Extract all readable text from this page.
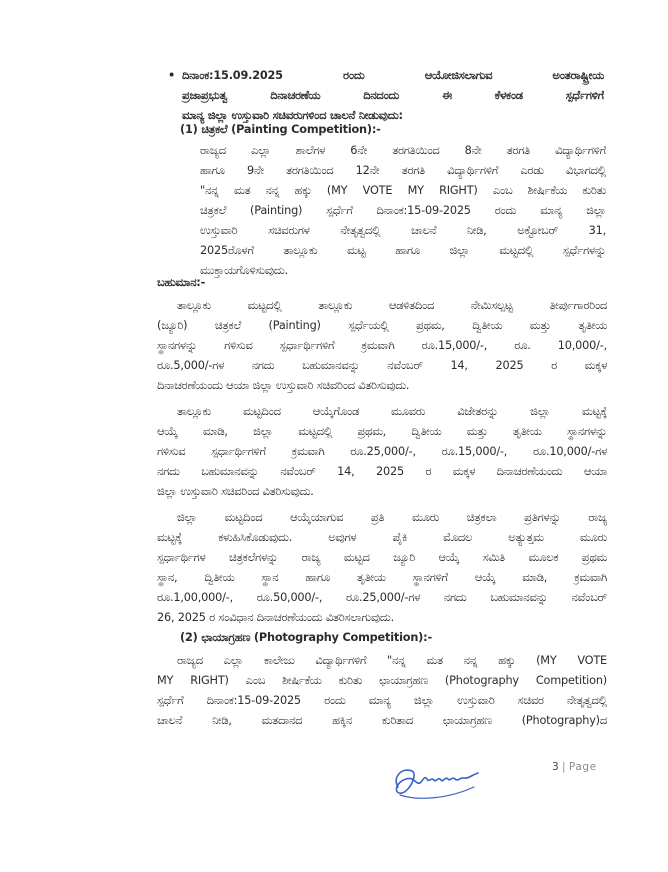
• ದಿನಾಂಕ:15.09.2025 ರಂದು ಆಯೋಜಿಸಲಾಗುವ ಅಂತರಾಷ್ಟ್ರೀಯ
ಪ್ರಜಾಪ್ರಭುತ್ವ ದಿನಾಚರಣೆಯ ದಿನದಂದು ಈ ಕೆಳಕಂಡ ಸ್ಪರ್ಧೆಗಳಿಗೆ
ಮಾನ್ಯ ಜಿಲ್ಲಾ ಉಸ್ತುವಾರಿ ಸಚಿವರುಗಳಿಂದ ಚಾಲನೆ ನೀಡುವುದು:
(1) ಚಿತ್ರಕಲೆ (Painting Competition):-
ರಾಜ್ಯದ ಎಲ್ಲಾ ಶಾಲೆಗಳ 6ನೇ ತರಗತಿಯಿಂದ 8ನೇ ತರಗತಿ ವಿದ್ಯಾರ್ಥಿಗಳಿಗೆ
ಹಾಗೂ 9ನೇ ತರಗತಿಯಿಂದ 12ನೇ ತರಗತಿ ವಿದ್ಯಾರ್ಥಿಗಳಿಗೆ ಎರಡು ವಿಭಾಗದಲ್ಲಿ
"ನನ್ನ ಮತ ನನ್ನ ಹಕ್ಕು (MY VOTE MY RIGHT) ಎಂಬ ಶೀರ್ಷಿಕೆಯ ಕುರಿತು
ಚಿತ್ರಕಲೆ (Painting) ಸ್ಪರ್ಧೆಗೆ ದಿನಾಂಕ:15-09-2025 ರಂದು ಮಾನ್ಯ ಜಿಲ್ಲಾ
ಉಸ್ತುವಾರಿ ಸಚಿವರುಗಳ ನೇತೃತ್ವದಲ್ಲಿ ಚಾಲನೆ ನೀಡಿ, ಅಕ್ಟೋಬರ್ 31,
2025ರೊಳಗೆ ತಾಲ್ಲೂಕು ಮಟ್ಟ ಹಾಗೂ ಜಿಲ್ಲಾ ಮಟ್ಟದಲ್ಲಿ ಸ್ಪರ್ಧೆಗಳನ್ನು
ಮುಕ್ತಾಯಗೊಳಿಸುವುದು.
ಬಹುಮಾನ:-
ತಾಲ್ಲೂಕು ಮಟ್ಟದಲ್ಲಿ ತಾಲ್ಲೂಕು ಆಡಳಿತದಿಂದ ನೇಮಿಸಲ್ಪಟ್ಟ ತೀರ್ಪುಗಾರರಿಂದ
(ಜ್ಯೂರಿ) ಚಿತ್ರಕಲೆ (Painting) ಸ್ಪರ್ಧೆಯಲ್ಲಿ ಪ್ರಥಮ, ದ್ವಿತೀಯ ಮತ್ತು ತೃತೀಯ
ಸ್ಥಾನಗಳನ್ನು ಗಳಿಸುವ ಸ್ಪರ್ಧಾರ್ಥಿಗಳಿಗೆ ಕ್ರಮವಾಗಿ ರೂ.15,000/-, ರೂ. 10,000/-,
ರೂ.5,000/-ಗಳ ನಗದು ಬಹುಮಾನವನ್ನು ನವೆಂಬರ್ 14, 2025 ರ ಮಕ್ಕಳ
ದಿನಾಚರಣೆಯಂದು ಆಯಾ ಜಿಲ್ಲಾ ಉಸ್ತುವಾರಿ ಸಚಿವರಿಂದ ವಿತರಿಸುವುದು.
ತಾಲ್ಲೂಕು ಮಟ್ಟದಿಂದ ಆಯ್ಕೆಗೊಂಡ ಮೂವರು ವಿಜೇತರನ್ನು ಜಿಲ್ಲಾ ಮಟ್ಟಕ್ಕೆ
ಆಯ್ಕೆ ಮಾಡಿ, ಜಿಲ್ಲಾ ಮಟ್ಟದಲ್ಲಿ ಪ್ರಥಮ, ದ್ವಿತೀಯ ಮತ್ತು ತೃತೀಯ ಸ್ಥಾನಗಳನ್ನು
ಗಳಿಸುವ ಸ್ಪರ್ಧಾರ್ಥಿಗಳಿಗೆ ಕ್ರಮವಾಗಿ ರೂ.25,000/-, ರೂ.15,000/-, ರೂ.10,000/-ಗಳ
ನಗದು ಬಹುಮಾನವನ್ನು ನವೆಂಬರ್ 14, 2025 ರ ಮಕ್ಕಳ ದಿನಾಚರಣೆಯಂದು ಆಯಾ
ಜಿಲ್ಲಾ ಉಸ್ತುವಾರಿ ಸಚಿವರಿಂದ ವಿತರಿಸುವುದು.
ಜಿಲ್ಲಾ ಮಟ್ಟದಿಂದ ಆಯ್ಕೆಯಾಗುವ ಪ್ರತಿ ಮೂರು ಚಿತ್ರಕಲಾ ಪ್ರತಿಗಳನ್ನು ರಾಜ್ಯ
ಮಟ್ಟಕ್ಕೆ ಕಳುಹಿಸಿಕೊಡುವುದು. ಅವುಗಳ ಪೈಕಿ ಮೊದಲ ಅತ್ಯುತ್ತಮ ಮೂರು
ಸ್ಪರ್ಧಾರ್ಥಿಗಳ ಚಿತ್ರಕಲೆಗಳನ್ನು ರಾಜ್ಯ ಮಟ್ಟದ ಜ್ಯೂರಿ ಆಯ್ಕೆ ಸಮಿತಿ ಮೂಲಕ ಪ್ರಥಮ
ಸ್ಥಾನ, ದ್ವಿತೀಯ ಸ್ಥಾನ ಹಾಗೂ ತೃತೀಯ ಸ್ಥಾನಗಳಿಗೆ ಆಯ್ಕೆ ಮಾಡಿ, ಕ್ರಮವಾಗಿ
ರೂ.1,00,000/-, ರೂ.50,000/-, ರೂ.25,000/-ಗಳ ನಗದು ಬಹುಮಾನವನ್ನು ನವೆಂಬರ್
26, 2025 ರ ಸಂವಿಧಾನ ದಿನಾಚರಣೆಯಂದು ವಿತರಿಸಲಾಗುವುದು.
(2) ಛಾಯಾಗ್ರಹಣ (Photography Competition):-
ರಾಜ್ಯದ ಎಲ್ಲಾ ಕಾಲೇಜು ವಿದ್ಯಾರ್ಥಿಗಳಿಗೆ "ನನ್ನ ಮತ ನನ್ನ ಹಕ್ಕು (MY VOTE
MY RIGHT) ಎಂಬ ಶೀರ್ಷಿಕೆಯ ಕುರಿತು ಛಾಯಾಗ್ರಹಣ (Photography Competition)
ಸ್ಪರ್ಧೆಗೆ ದಿನಾಂಕ:15-09-2025 ರಂದು ಮಾನ್ಯ ಜಿಲ್ಲಾ ಉಸ್ತುವಾರಿ ಸಚಿವರ ನೇತೃತ್ವದಲ್ಲಿ
ಚಾಲನೆ ನೀಡಿ, ಮತದಾನದ ಹಕ್ಕಿನ ಕುರಿತಾದ ಛಾಯಾಗ್ರಹಣ (Photography)ದ
3 | Page
